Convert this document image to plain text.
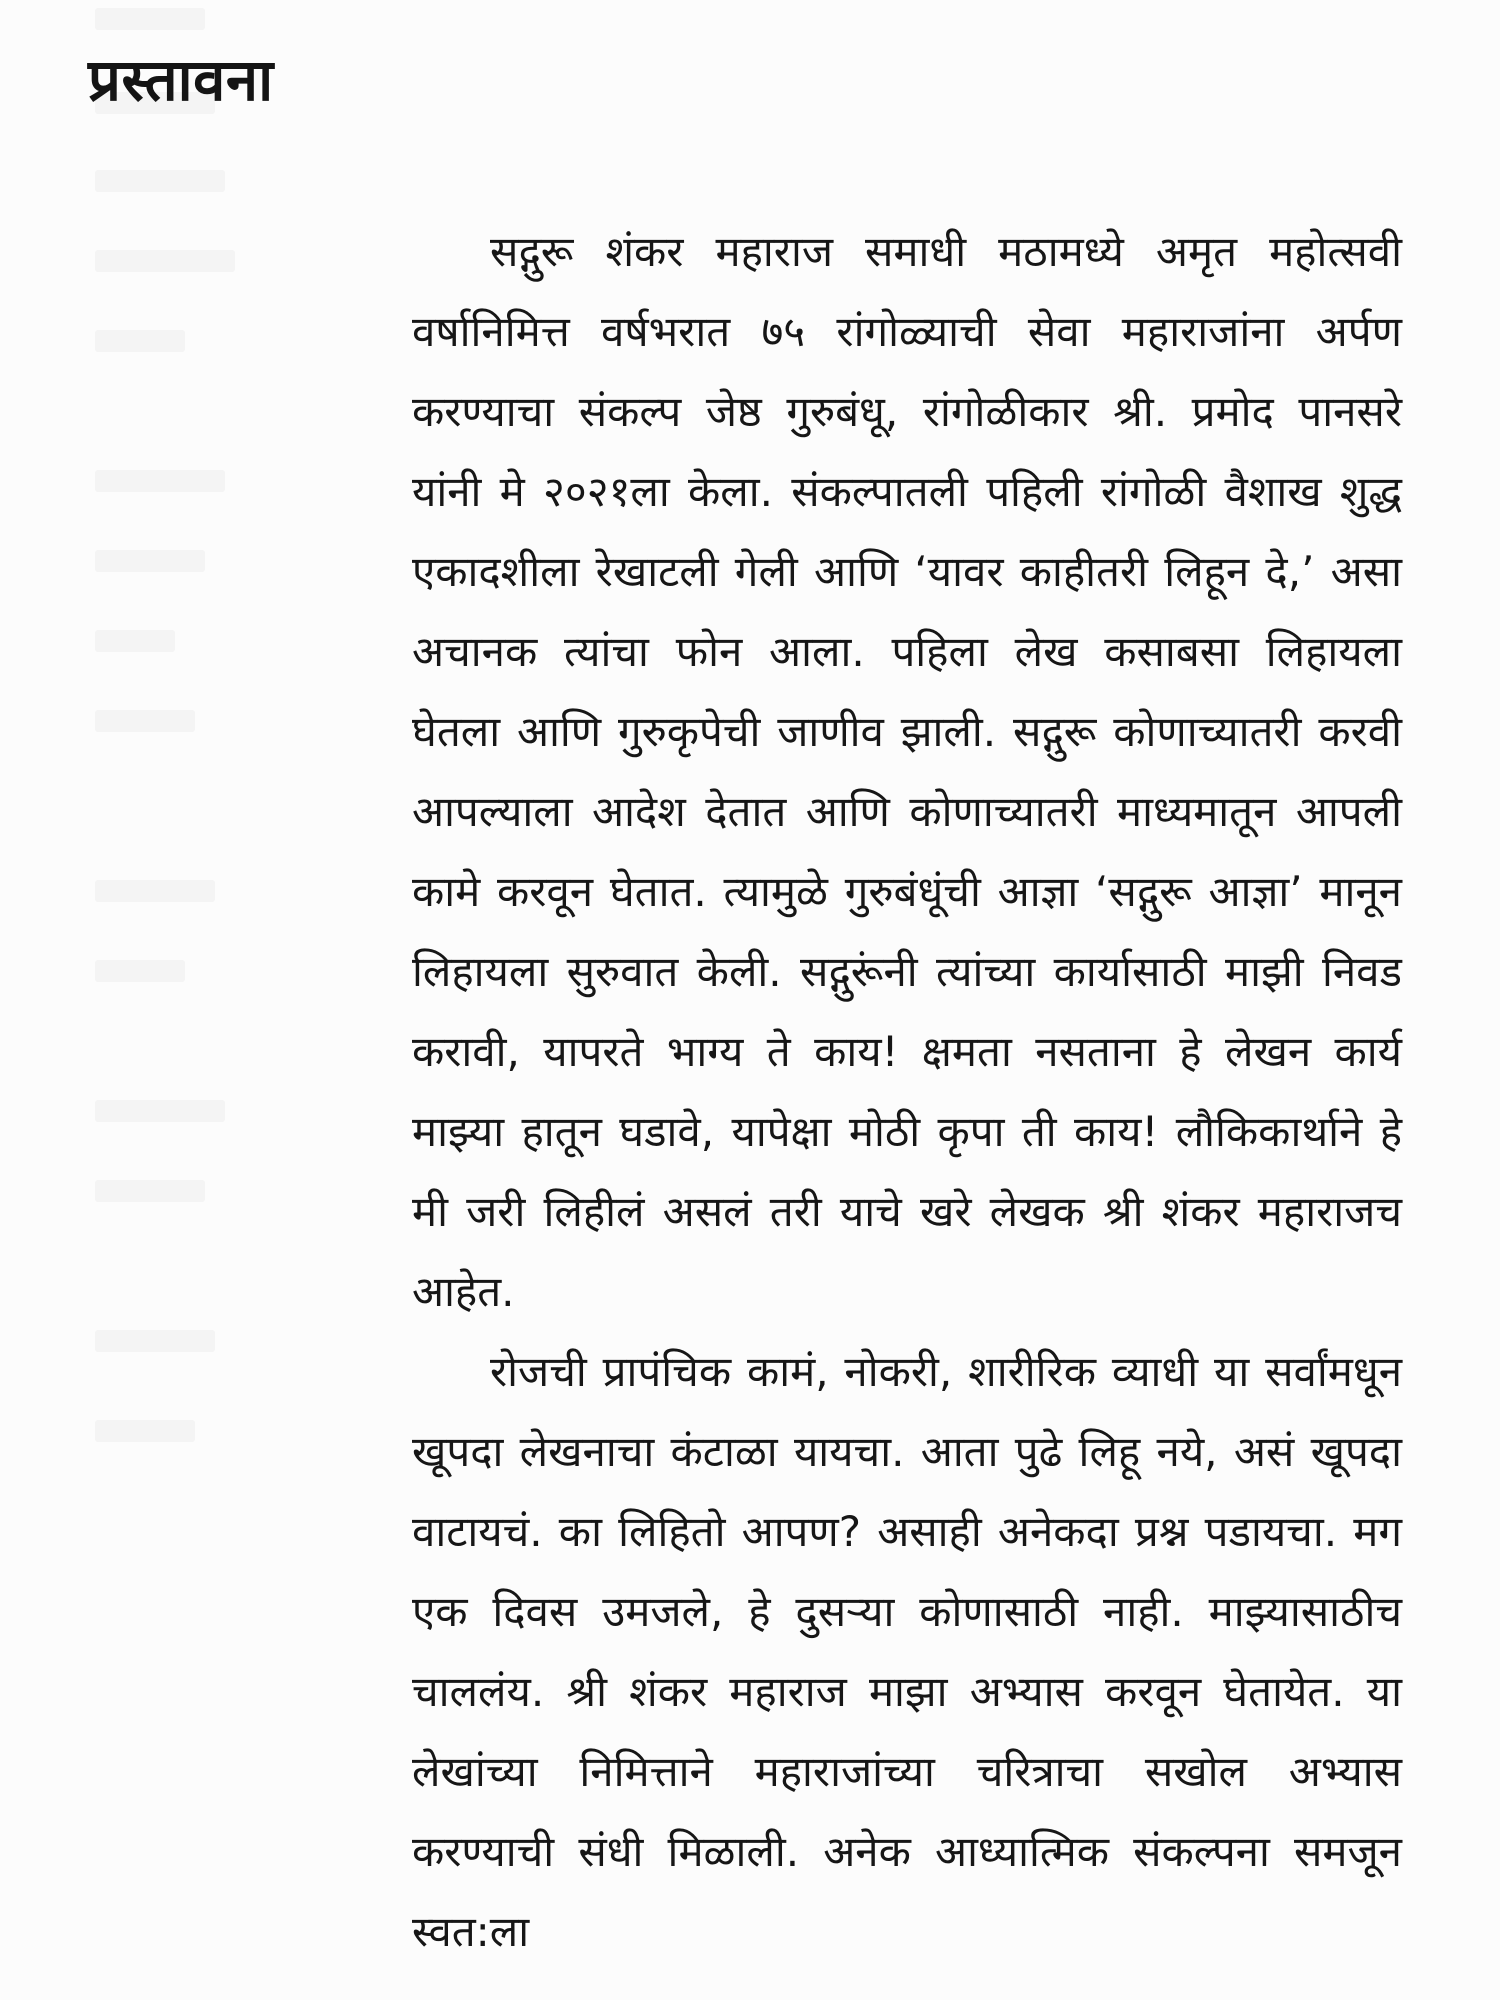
प्रस्तावना

सद्गुरू शंकर महाराज समाधी मठामध्ये अमृत महोत्सवी वर्षानिमित्त वर्षभरात ७५ रांगोळ्याची सेवा महाराजांना अर्पण करण्याचा संकल्प जेष्ठ गुरुबंधू, रांगोळीकार श्री. प्रमोद पानसरे यांनी मे २०२१ला केला. संकल्पातली पहिली रांगोळी वैशाख शुद्ध एकादशीला रेखाटली गेली आणि ‘यावर काहीतरी लिहून दे,’ असा अचानक त्यांचा फोन आला. पहिला लेख कसाबसा लिहायला घेतला आणि गुरुकृपेची जाणीव झाली. सद्गुरू कोणाच्यातरी करवी आपल्याला आदेश देतात आणि कोणाच्यातरी माध्यमातून आपली कामे करवून घेतात. त्यामुळे गुरुबंधूंची आज्ञा ‘सद्गुरू आज्ञा’ मानून लिहायला सुरुवात केली. सद्गुरूंनी त्यांच्या कार्यासाठी माझी निवड करावी, यापरते भाग्य ते काय! क्षमता नसताना हे लेखन कार्य माझ्या हातून घडावे, यापेक्षा मोठी कृपा ती काय! लौकिकार्थाने हे मी जरी लिहीलं असलं तरी याचे खरे लेखक श्री शंकर महाराजच आहेत.

रोजची प्रापंचिक कामं, नोकरी, शारीरिक व्याधी या सर्वांमधून खूपदा लेखनाचा कंटाळा यायचा. आता पुढे लिहू नये, असं खूपदा वाटायचं. का लिहितो आपण? असाही अनेकदा प्रश्न पडायचा. मग एक दिवस उमजले, हे दुसऱ्या कोणासाठी नाही. माझ्यासाठीच चाललंय. श्री शंकर महाराज माझा अभ्यास करवून घेतायेत. या लेखांच्या निमित्ताने महाराजांच्या चरित्राचा सखोल अभ्यास करण्याची संधी मिळाली. अनेक आध्यात्मिक संकल्पना समजून स्वत:ला
